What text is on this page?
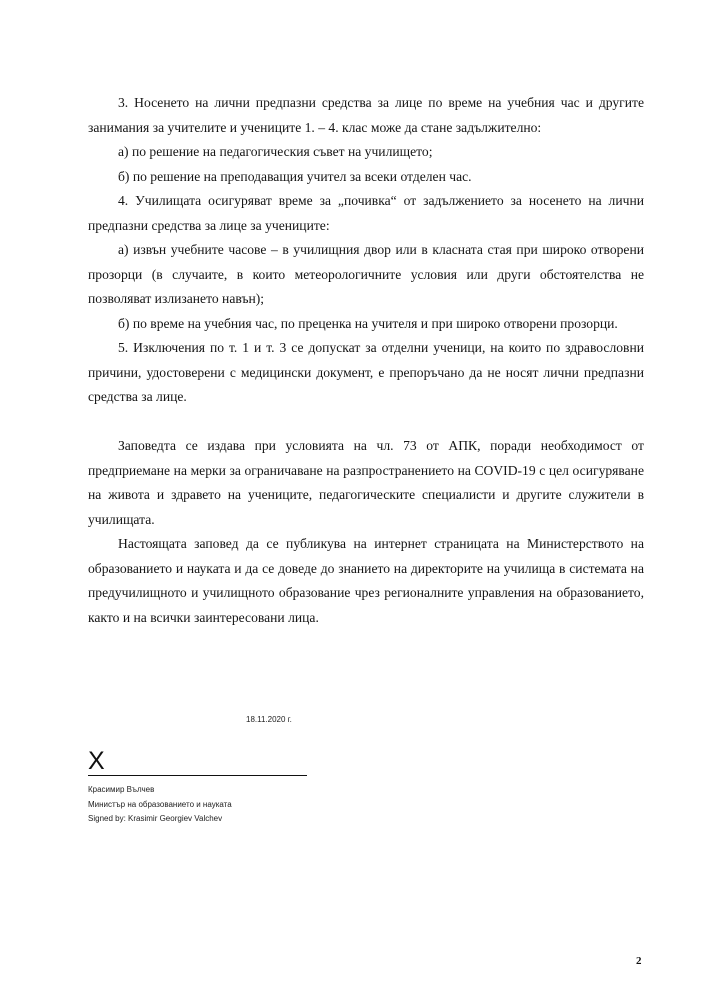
3. Носенето на лични предпазни средства за лице по време на учебния час и другите занимания за учителите и учениците 1. – 4. клас може да стане задължително:

а) по решение на педагогическия съвет на училището;

б) по решение на преподаващия учител за всеки отделен час.

4. Училищата осигуряват време за „почивка“ от задължението за носенето на лични предпазни средства за лице за учениците:

а) извън учебните часове – в училищния двор или в класната стая при широко отворени прозорци (в случаите, в които метеорологичните условия или други обстоятелства не позволяват излизането навън);

б) по време на учебния час, по преценка на учителя и при широко отворени прозорци.

5. Изключения по т. 1 и т. 3 се допускат за отделни ученици, на които по здравословни причини, удостоверени с медицински документ, е препоръчано да не носят лични предпазни средства за лице.

Заповедта се издава при условията на чл. 73 от АПК, поради необходимост от предприемане на мерки за ограничаване на разпространението на COVID-19 с цел осигуряване на живота и здравето на учениците, педагогическите специалисти и другите служители в училищата.

Настоящата заповед да се публикува на интернет страницата на Министерството на образованието и науката и да се доведе до знанието на директорите на училища в системата на предучилищното и училищното образование чрез регионалните управления на образованието, както и на всички заинтересовани лица.

18.11.2020 г.
X
Красимир Вълчев
Министър на образованието и науката
Signed by: Krasimir Georgiev Valchev
2
